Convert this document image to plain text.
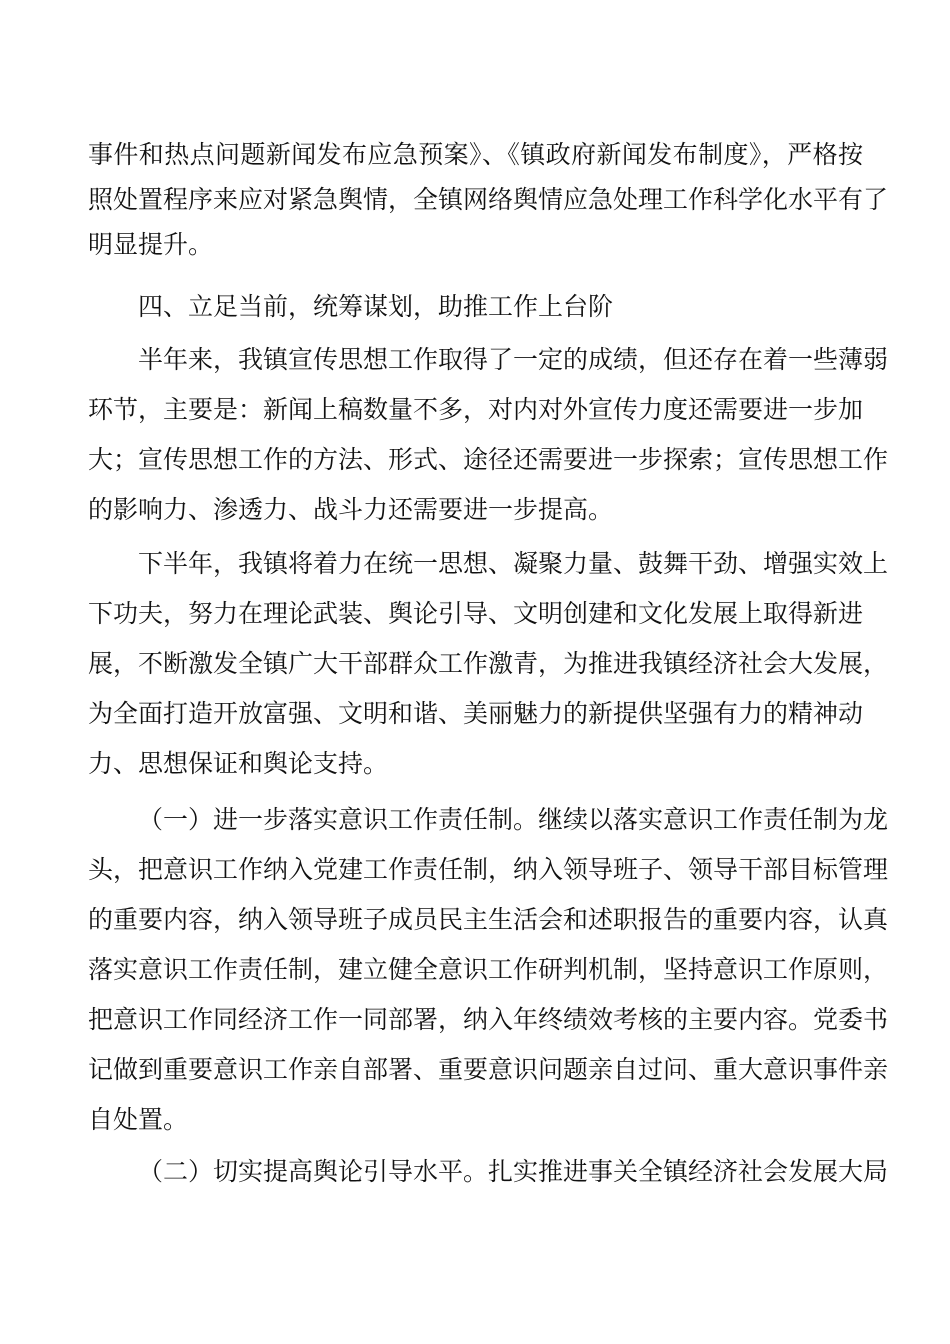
事件和热点问题新闻发布应急预案》、《镇政府新闻发布制度》，严格按
照处置程序来应对紧急舆情，全镇网络舆情应急处理工作科学化水平有了
明显提升。
四、立足当前，统筹谋划，助推工作上台阶
半年来，我镇宣传思想工作取得了一定的成绩，但还存在着一些薄弱
环节，主要是：新闻上稿数量不多，对内对外宣传力度还需要进一步加
大；宣传思想工作的方法、形式、途径还需要进一步探索；宣传思想工作
的影响力、渗透力、战斗力还需要进一步提高。
下半年，我镇将着力在统一思想、凝聚力量、鼓舞干劲、增强实效上
下功夫，努力在理论武装、舆论引导、文明创建和文化发展上取得新进
展，不断激发全镇广大干部群众工作激青，为推进我镇经济社会大发展，
为全面打造开放富强、文明和谐、美丽魅力的新提供坚强有力的精神动
力、思想保证和舆论支持。
（一）进一步落实意识工作责任制。继续以落实意识工作责任制为龙
头，把意识工作纳入党建工作责任制，纳入领导班子、领导干部目标管理
的重要内容，纳入领导班子成员民主生活会和述职报告的重要内容，认真
落实意识工作责任制，建立健全意识工作研判机制，坚持意识工作原则，
把意识工作同经济工作一同部署，纳入年终绩效考核的主要内容。党委书
记做到重要意识工作亲自部署、重要意识问题亲自过问、重大意识事件亲
自处置。
（二）切实提高舆论引导水平。扎实推进事关全镇经济社会发展大局
